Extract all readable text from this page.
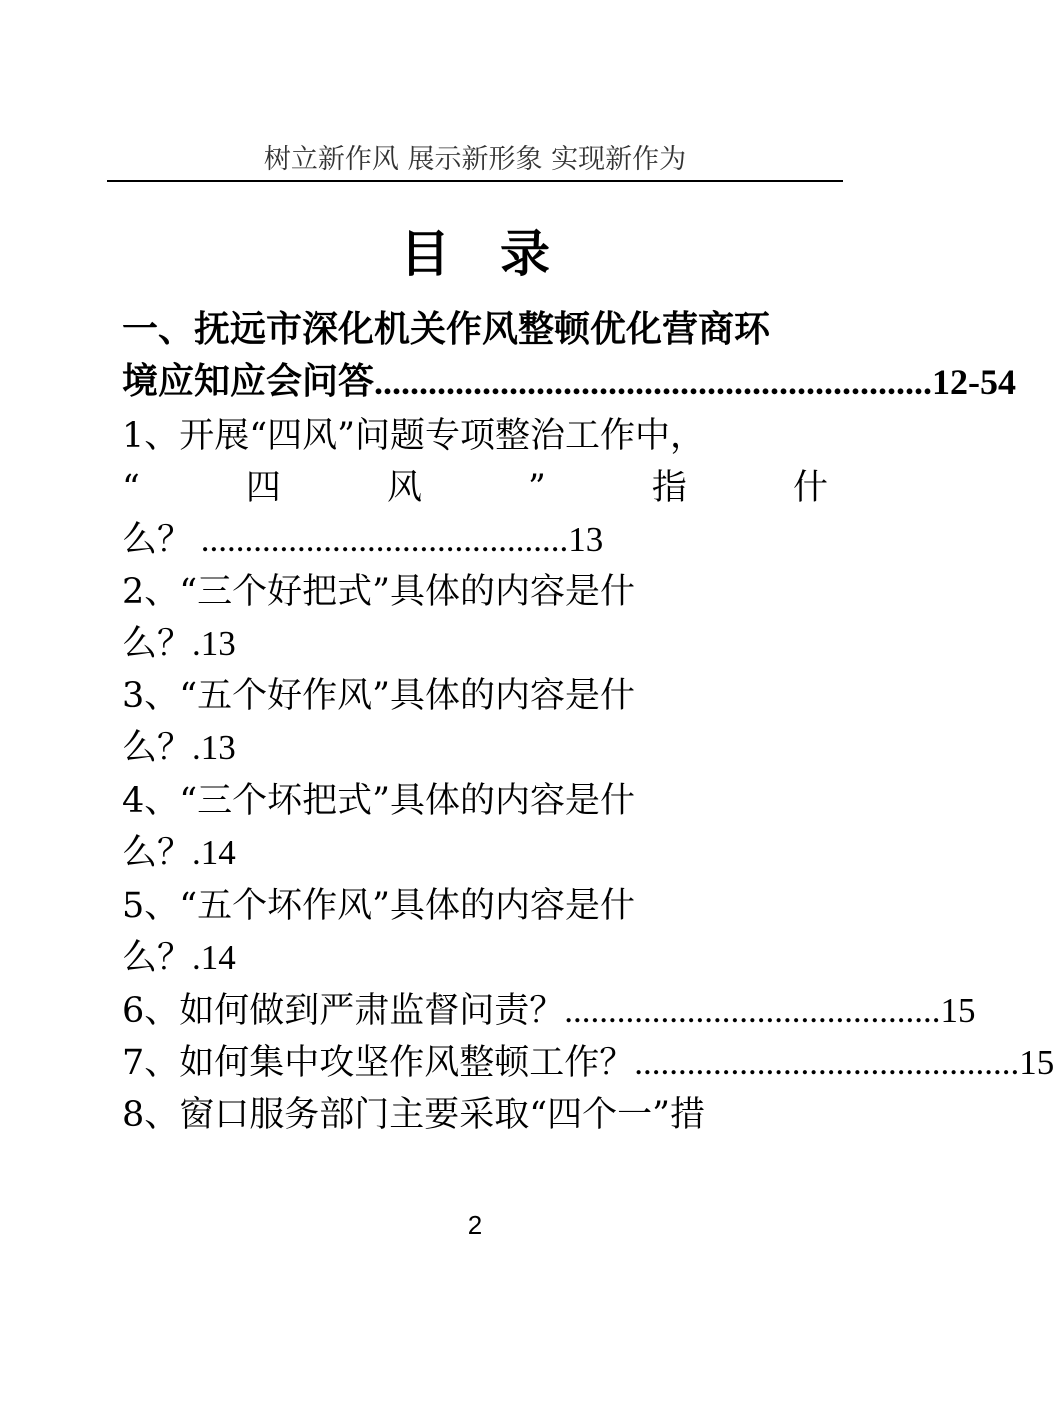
树立新作风 展示新形象 实现新作为
目　录
一、抚远市深化机关作风整顿优化营商环
境应知应会问答 .............................................................. 12-54
1、开展“四风”问题专项整治工作中，
“	四	风	”	指	什
么？ ..........................................13
2、“三个好把式”具体的内容是什
么？.13
3、“五个好作风”具体的内容是什
么？.13
4、“三个坏把式”具体的内容是什
么？.14
5、“五个坏作风”具体的内容是什
么？.14
6、如何做到严肃监督问责？ ........................................... 15
7、如何集中攻坚作风整顿工作？ ............................................ 15
8、窗口服务部门主要采取“四个一”措
2
